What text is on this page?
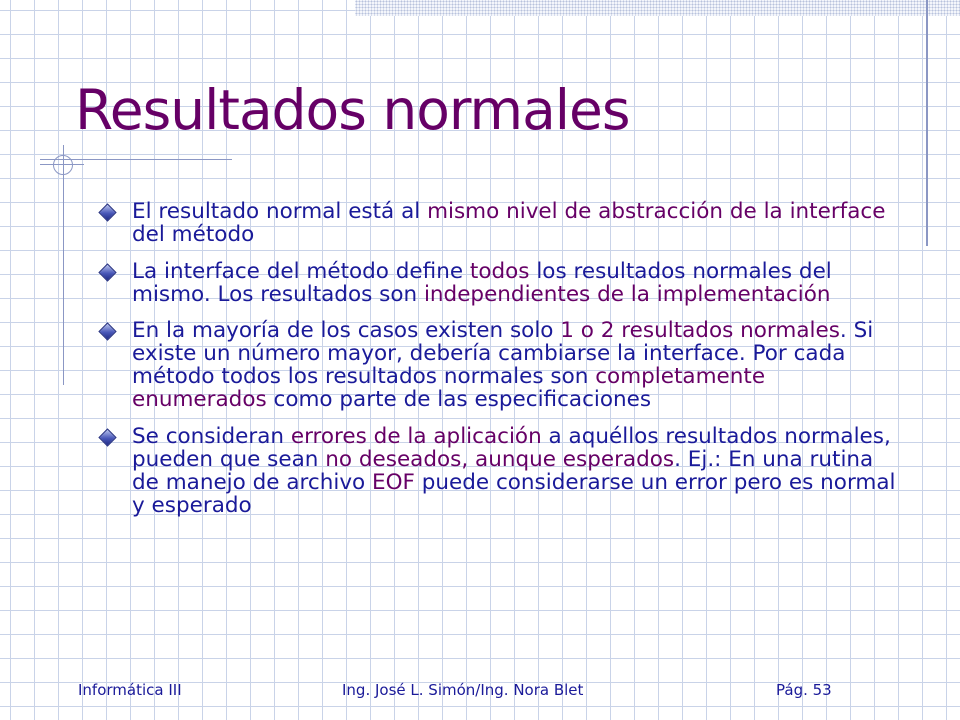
Resultados normales
El resultado normal está al mismo nivel de abstracción de la interface del método
La interface del método define todos los resultados normales del mismo. Los resultados son independientes de la implementación
En la mayoría de los casos existen solo 1 o 2 resultados normales. Si existe un número mayor, debería cambiarse la interface. Por cada método todos los resultados normales son completamente enumerados como parte de las especificaciones
Se consideran errores de la aplicación a aquéllos resultados normales, pueden que sean no deseados, aunque esperados. Ej.: En una rutina de manejo de archivo EOF puede considerarse un error pero es normal y esperado
Informática III	Ing. José L. Simón/Ing. Nora Blet	Pág. 53
